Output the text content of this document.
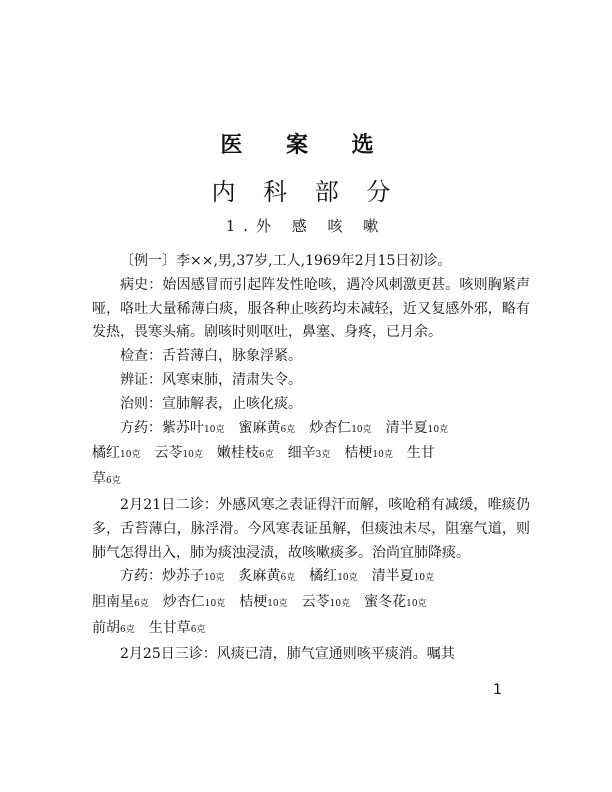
医 案 选
内 科 部 分
1.外 感 咳 嗽

〔例一〕李××,男,37岁,工人,1969年2月15日初诊。

病史：始因感冒而引起阵发性呛咳，遇冷风刺激更甚。咳则胸紧声哑，咯吐大量稀薄白痰，服各种止咳药均未减轻，近又复感外邪，略有发热，畏寒头痛。剧咳时则呕吐，鼻塞、身疼，已月余。

检查：舌苔薄白，脉象浮紧。

辨证：风寒束肺，清肃失令。

治则：宣肺解表，止咳化痰。

方药：紫苏叶10克 蜜麻黄6克 炒杏仁10克 清半夏10克
橘红10克 云苓10克 嫩桂枝6克 细辛3克 桔梗10克 生甘
草6克

2月21日二诊：外感风寒之表证得汗而解，咳呛稍有减缓，唯痰仍多，舌苔薄白，脉浮滑。今风寒表证虽解，但痰浊未尽，阻塞气道，则肺气怎得出入，肺为痰浊浸渍，故咳嗽痰多。治尚宜肺降痰。

方药：炒苏子10克 炙麻黄6克 橘红10克 清半夏10克
胆南星6克 炒杏仁10克 桔梗10克 云苓10克 蜜冬花10克
前胡6克 生甘草6克

2月25日三诊：风痰已清，肺气宣通则咳平痰消。嘱其

1
